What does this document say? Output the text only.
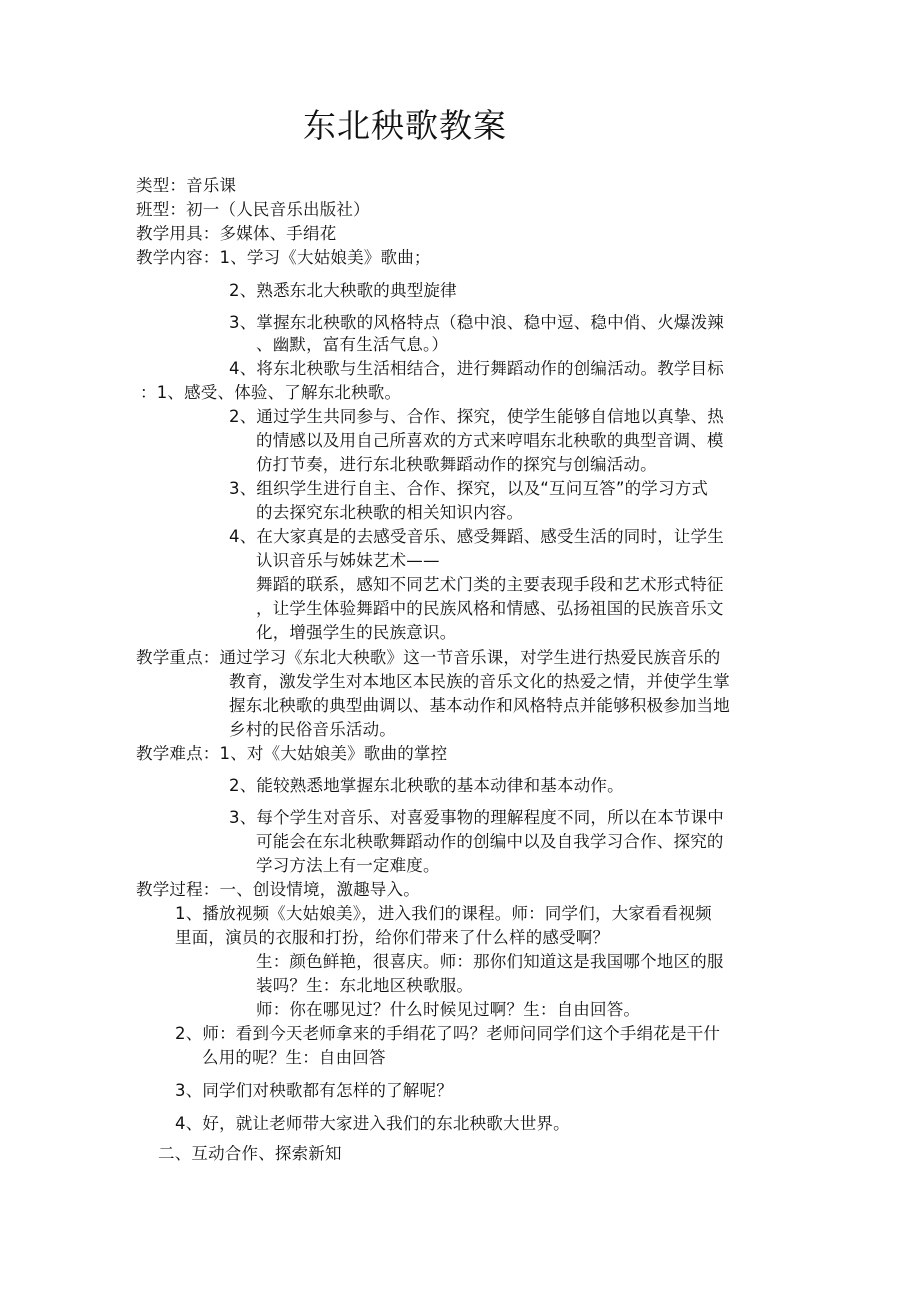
东北秧歌教案
类型：音乐课
班型：初一（人民音乐出版社）
教学用具：多媒体、手绢花
教学内容：1、学习《大姑娘美》歌曲；
2、熟悉东北大秧歌的典型旋律
3、掌握东北秧歌的风格特点（稳中浪、稳中逗、稳中俏、火爆泼辣
、幽默，富有生活气息。）
4、将东北秧歌与生活相结合，进行舞蹈动作的创编活动。教学目标
：1、感受、体验、了解东北秧歌。
2、通过学生共同参与、合作、探究，使学生能够自信地以真挚、热
的情感以及用自己所喜欢的方式来哼唱东北秧歌的典型音调、模
仿打节奏，进行东北秧歌舞蹈动作的探究与创编活动。
3、组织学生进行自主、合作、探究，以及“互问互答”的学习方式
的去探究东北秧歌的相关知识内容。
4、在大家真是的去感受音乐、感受舞蹈、感受生活的同时，让学生
认识音乐与姊妹艺术——
舞蹈的联系，感知不同艺术门类的主要表现手段和艺术形式特征
，让学生体验舞蹈中的民族风格和情感、弘扬祖国的民族音乐文
化，增强学生的民族意识。
教学重点：通过学习《东北大秧歌》这一节音乐课，对学生进行热爱民族音乐的
教育，激发学生对本地区本民族的音乐文化的热爱之情，并使学生掌
握东北秧歌的典型曲调以、基本动作和风格特点并能够积极参加当地
乡村的民俗音乐活动。
教学难点：1、对《大姑娘美》歌曲的掌控
2、能较熟悉地掌握东北秧歌的基本动律和基本动作。
3、每个学生对音乐、对喜爱事物的理解程度不同，所以在本节课中
可能会在东北秧歌舞蹈动作的创编中以及自我学习合作、探究的
学习方法上有一定难度。
教学过程：一、创设情境，激趣导入。
1、播放视频《大姑娘美》，进入我们的课程。师：同学们，大家看看视频
里面，演员的衣服和打扮，给你们带来了什么样的感受啊？
生：颜色鲜艳，很喜庆。师：那你们知道这是我国哪个地区的服
装吗？生：东北地区秧歌服。
师：你在哪见过？什么时候见过啊？生：自由回答。
2、师：看到今天老师拿来的手绢花了吗？老师问同学们这个手绢花是干什
么用的呢？生：自由回答
3、同学们对秧歌都有怎样的了解呢？
4、好，就让老师带大家进入我们的东北秧歌大世界。
二、互动合作、探索新知
